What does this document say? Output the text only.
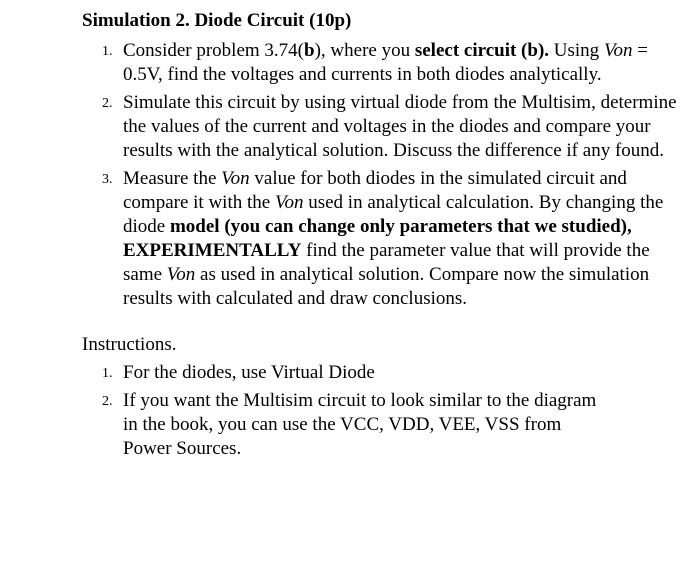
Simulation 2. Diode Circuit (10p)
1. Consider problem 3.74(b), where you select circuit (b). Using Von = 0.5V, find the voltages and currents in both diodes analytically.
2. Simulate this circuit by using virtual diode from the Multisim, determine the values of the current and voltages in the diodes and compare your results with the analytical solution. Discuss the difference if any found.
3. Measure the Von value for both diodes in the simulated circuit and compare it with the Von used in analytical calculation. By changing the diode model (you can change only parameters that we studied), EXPERIMENTALLY find the parameter value that will provide the same Von as used in analytical solution. Compare now the simulation results with calculated and draw conclusions.
Instructions.
1. For the diodes, use Virtual Diode
2. If you want the Multisim circuit to look similar to the diagram in the book, you can use the VCC, VDD, VEE, VSS from Power Sources.
